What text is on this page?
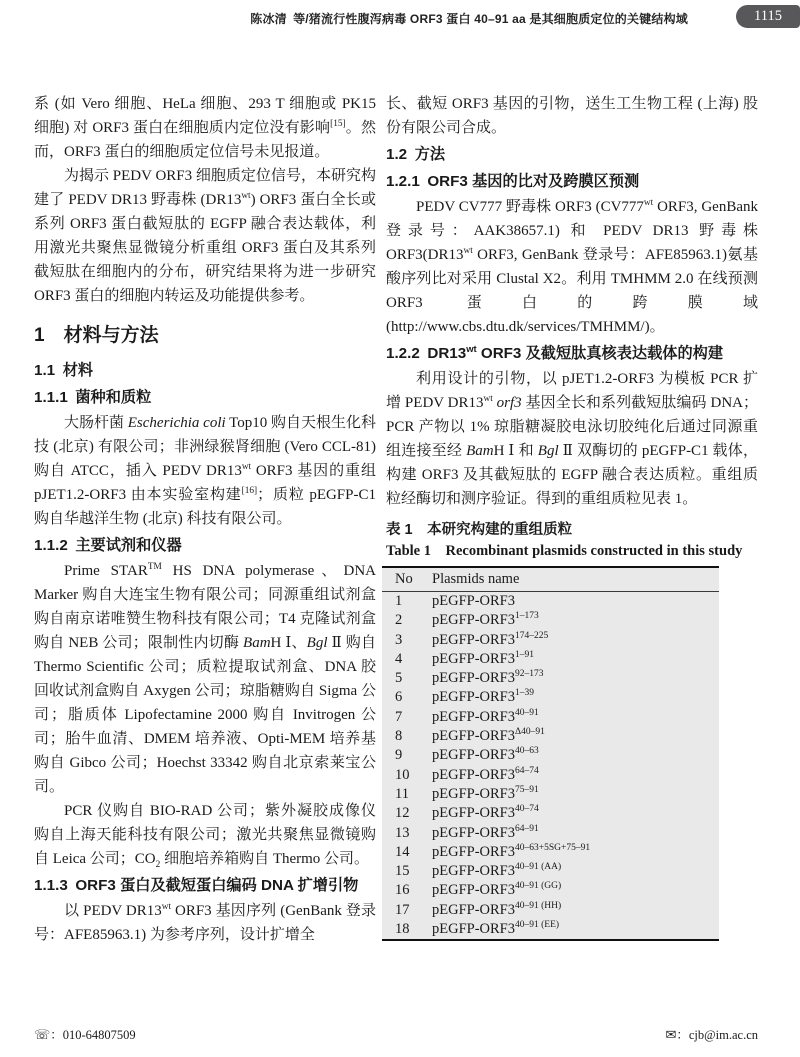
陈冰清 等/猪流行性腹泻病毒 ORF3 蛋白 40–91 aa 是其细胞质定位的关键结构域	1115

系 (如 Vero 细胞、HeLa 细胞、293 T 细胞或 PK15 细胞) 对 ORF3 蛋白在细胞质内定位没有影响[15]。然而，ORF3 蛋白的细胞质定位信号未见报道。

为揭示 PEDV ORF3 细胞质定位信号，本研究构建了 PEDV DR13 野毒株 $(DR13^{wt})$ ORF3 蛋白全长或系列 ORF3 蛋白截短肽的 EGFP 融合表达载体，利用激光共聚焦显微镜分析重组 ORF3 蛋白及其系列截短肽在细胞内的分布，研究结果将为进一步研究 ORF3 蛋白的细胞内转运及功能提供参考。

1 材料与方法
1.1 材料
1.1.1 菌种和质粒

大肠杆菌 Escherichia coli Top10 购自天根生化科技 (北京) 有限公司；非洲绿猴肾细胞 (Vero CCL-81) 购自 ATCC，插入 PEDV $DR13^{wt}$ ORF3 基因的重组 pJET1.2-ORF3 由本实验室构建[16]；质粒 pEGFP-C1 购自华越洋生物 (北京) 科技有限公司。

1.1.2 主要试剂和仪器

Prime STAR™ HS DNA polymerase、DNA Marker 购自大连宝生物有限公司；同源重组试剂盒购自南京诺唯赞生物科技有限公司；T4 克隆试剂盒购自 NEB 公司；限制性内切酶 BamH Ⅰ、Bgl Ⅱ 购自 Thermo Scientific 公司；质粒提取试剂盒、DNA 胶回收试剂盒购自 Axygen 公司；琼脂糖购自 Sigma 公司；脂质体 Lipofectamine 2000 购自 Invitrogen 公司；胎牛血清、DMEM 培养液、Opti-MEM 培养基购自 Gibco 公司；Hoechst 33342 购自北京索莱宝公司。

PCR 仪购自 BIO-RAD 公司；紫外凝胶成像仪购自上海天能科技有限公司；激光共聚焦显微镜购自 Leica 公司；$CO_2$ 细胞培养箱购自 Thermo 公司。

1.1.3 ORF3 蛋白及截短蛋白编码 DNA 扩增引物

以 PEDV $DR13^{wt}$ ORF3 基因序列 (GenBank 登录号：AFE85963.1) 为参考序列，设计扩增全

长、截短 ORF3 基因的引物，送生工生物工程 (上海) 股份有限公司合成。

1.2 方法
1.2.1 ORF3 基因的比对及跨膜区预测

PEDV CV777 野毒株 ORF3 ($CV777^{wt}$ ORF3, GenBank 登录号：AAK38657.1) 和 PEDV DR13 野毒株 $ORF3(DR13^{wt}$ ORF3, GenBank 登录号：AFE85963.1)氨基酸序列比对采用 Clustal X2。利用 TMHMM 2.0 在线预测 ORF3 蛋白的跨膜域 (http://www.cbs.dtu.dk/services/TMHMM/)。

1.2.2 $DR13^{wt}$ ORF3 及截短肽真核表达载体的构建

利用设计的引物，以 pJET1.2-ORF3 为模板 PCR 扩增 PEDV $DR13^{wt}$ orf3 基因全长和系列截短肽编码 DNA；PCR 产物以 1% 琼脂糖凝胶电泳切胶纯化后通过同源重组连接至经 BamH Ⅰ 和 Bgl Ⅱ 双酶切的 pEGFP-C1 载体，构建 ORF3 及其截短肽的 EGFP 融合表达质粒。重组质粒经酶切和测序验证。得到的重组质粒见表 1。

表 1 本研究构建的重组质粒
Table 1  Recombinant plasmids constructed in this study
No	Plasmids name
1	pEGFP-ORF3
2	pEGFP-ORF3$^{1-173}$
3	pEGFP-ORF3$^{174-225}$
4	pEGFP-ORF3$^{1-91}$
5	pEGFP-ORF3$^{92-173}$
6	pEGFP-ORF3$^{1-39}$
7	pEGFP-ORF3$^{40-91}$
8	pEGFP-$ORF3^{\Delta 40-91}$
9	pEGFP-ORF3$^{40-63}$
10	pEGFP-ORF3$^{64-74}$
11	pEGFP-ORF3$^{75-91}$
12	pEGFP-ORF3$^{40-74}$
13	pEGFP-ORF3$^{64-91}$
14	pEGFP-$ORF3^{40-63+5SG+75-91}$
15	pEGFP-$ORF3^{40-91 (AA)}$
16	pEGFP-$ORF3^{40-91 (GG)}$
17	pEGFP-$ORF3^{40-91 (HH)}$
18	pEGFP-$ORF3^{40-91 (EE)}$
☏：010-64807509	✉：cjb@im.ac.cn
